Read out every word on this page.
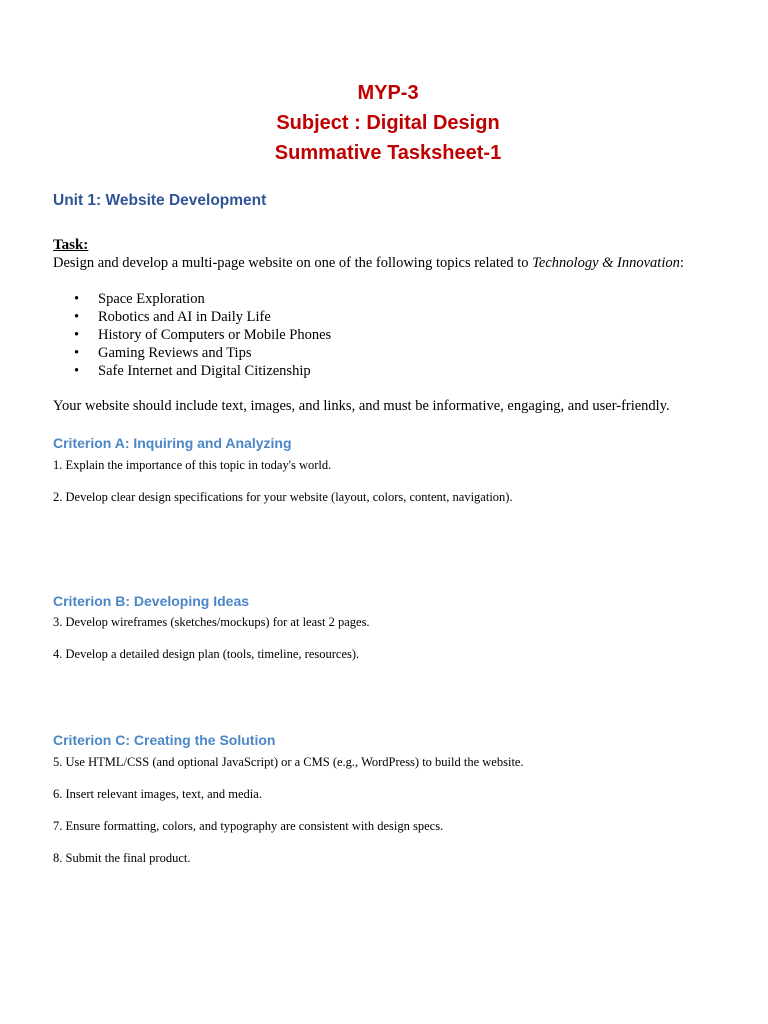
MYP-3
Subject : Digital Design
Summative Tasksheet-1
Unit 1: Website Development
Task:
Design and develop a multi-page website on one of the following topics related to Technology & Innovation:
• Space Exploration
• Robotics and AI in Daily Life
• History of Computers or Mobile Phones
• Gaming Reviews and Tips
• Safe Internet and Digital Citizenship
Your website should include text, images, and links, and must be informative, engaging, and user-friendly.
Criterion A: Inquiring and Analyzing

1. Explain the importance of this topic in today's world.

2. Develop clear design specifications for your website (layout, colors, content, navigation).

Criterion B: Developing Ideas

3. Develop wireframes (sketches/mockups) for at least 2 pages.

4. Develop a detailed design plan (tools, timeline, resources).

Criterion C: Creating the Solution

5. Use HTML/CSS (and optional JavaScript) or a CMS (e.g., WordPress) to build the website.

6. Insert relevant images, text, and media.

7. Ensure formatting, colors, and typography are consistent with design specs.

8. Submit the final product.
